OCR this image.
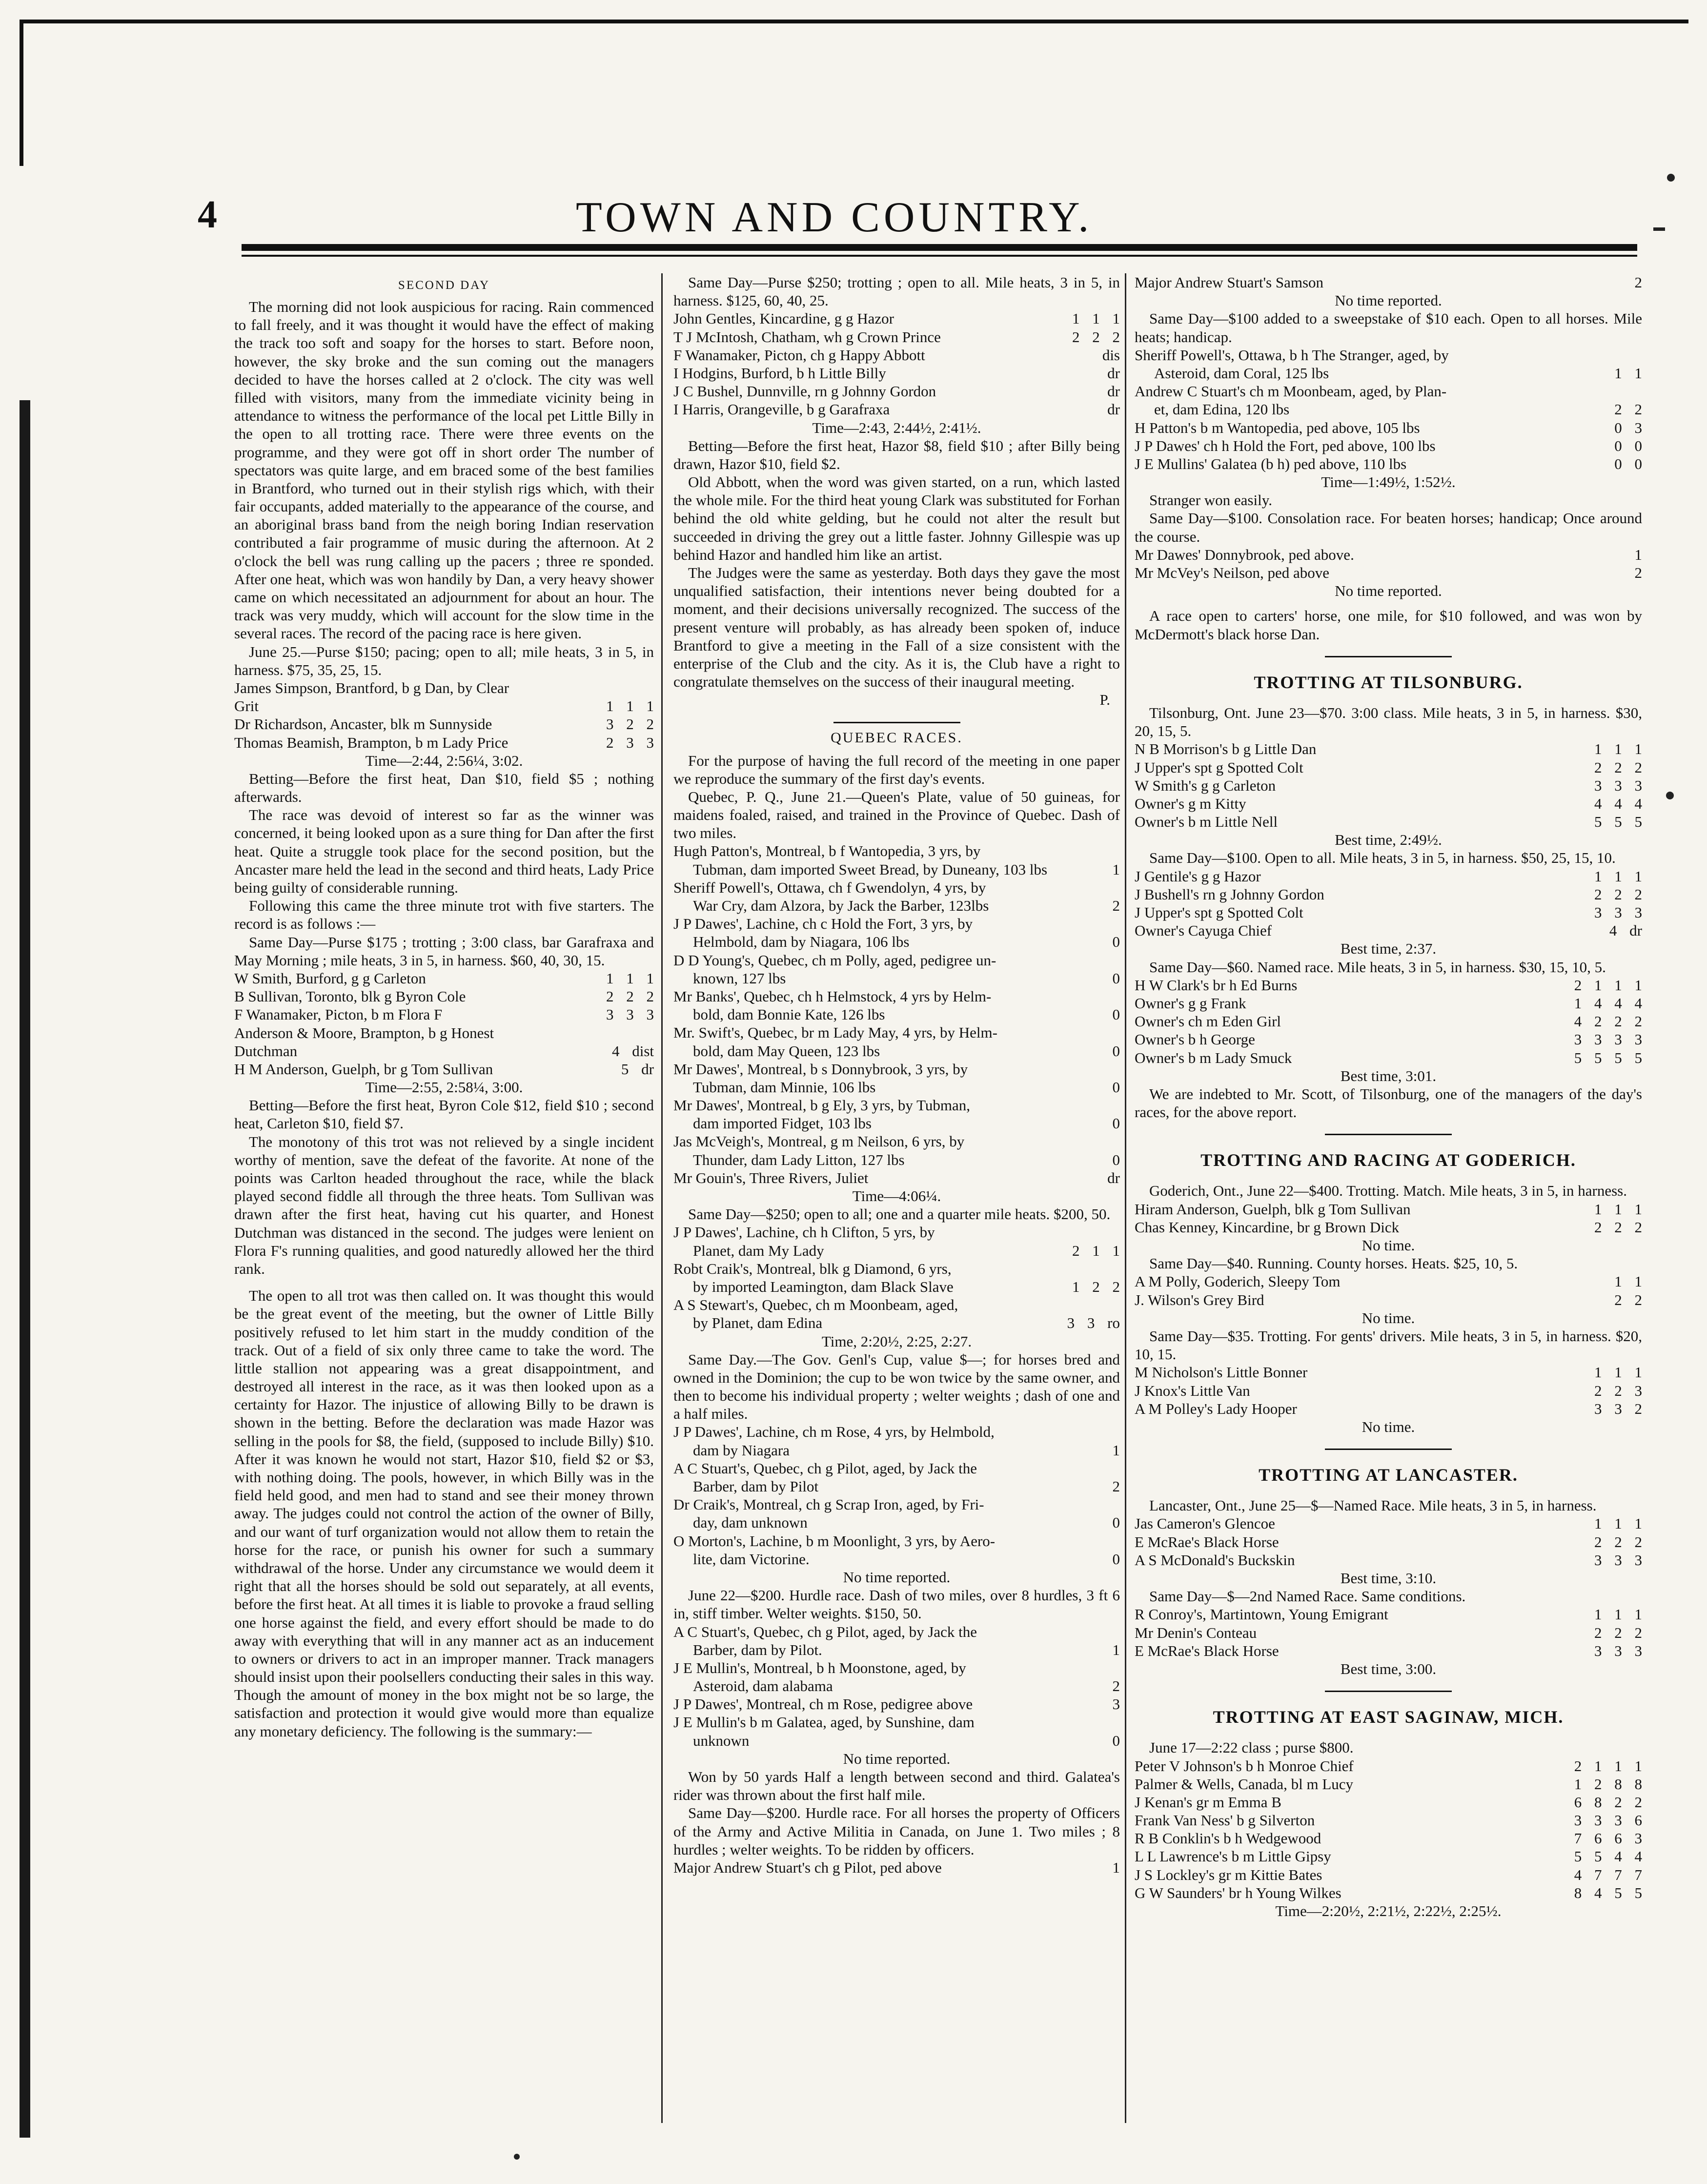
4	TOWN AND COUNTRY.
SECOND DAY

The morning did not look auspicious for racing. Rain commenced to fall freely, and it was thought it would have the effect of making the track too soft and soapy for the horses to start. Before noon, however, the sky broke and the sun coming out the managers decided to have the horses called at 2 o'clock. The city was well filled with visitors, many from the immediate vicinity being in attendance to witness the performance of the local pet Little Billy in the open to all trotting race. There were three events on the programme, and they were got off in short order The number of spectators was quite large, and em braced some of the best families in Brantford, who turned out in their stylish rigs which, with their fair occupants, added materially to the appearance of the course, and an aboriginal brass band from the neigh boring Indian reservation contributed a fair programme of music during the afternoon. At 2 o'clock the bell was rung calling up the pacers ; three re sponded. After one heat, which was won handily by Dan, a very heavy shower came on which necessitated an adjournment for about an hour. The track was very muddy, which will account for the slow time in the several races. The record of the pacing race is here given.

June 25.—Purse $150; pacing; open to all; mile heats, 3 in 5, in harness. $75, 35, 25, 15.

James Simpson, Brantford, b g Dan, by Clear
Grit	1 1 1
Dr Richardson, Ancaster, blk m Sunnyside	3 2 2
Thomas Beamish, Brampton, b m Lady Price	2 3 3
Time—2:44, 2:56¼, 3:02.

Betting—Before the first heat, Dan $10, field $5 ; nothing afterwards.

The race was devoid of interest so far as the winner was concerned, it being looked upon as a sure thing for Dan after the first heat. Quite a struggle took place for the second position, but the Ancaster mare held the lead in the second and third heats, Lady Price being guilty of considerable running.

Following this came the three minute trot with five starters. The record is as follows :—

Same Day—Purse $175 ; trotting ; 3:00 class, bar Garafraxa and May Morning ; mile heats, 3 in 5, in harness. $60, 40, 30, 15.

W Smith, Burford, g g Carleton	1 1 1
B Sullivan, Toronto, blk g Byron Cole	2 2 2
F Wanamaker, Picton, b m Flora F	3 3 3
Anderson & Moore, Brampton, b g Honest
Dutchman	4 dist
H M Anderson, Guelph, br g Tom Sullivan	5 dr
Time—2:55, 2:58¼, 3:00.

Betting—Before the first heat, Byron Cole $12, field $10 ; second heat, Carleton $10, field $7.

The monotony of this trot was not relieved by a single incident worthy of mention, save the defeat of the favorite. At none of the points was Carlton headed throughout the race, while the black played second fiddle all through the three heats. Tom Sullivan was drawn after the first heat, having cut his quarter, and Honest Dutchman was distanced in the second. The judges were lenient on Flora F's running qualities, and good naturedly allowed her the third rank.

The open to all trot was then called on. It was thought this would be the great event of the meeting, but the owner of Little Billy positively refused to let him start in the muddy condition of the track. Out of a field of six only three came to take the word. The little stallion not appearing was a great disappointment, and destroyed all interest in the race, as it was then looked upon as a certainty for Hazor. The injustice of allowing Billy to be drawn is shown in the betting. Before the declaration was made Hazor was selling in the pools for $8, the field, (supposed to include Billy) $10. After it was known he would not start, Hazor $10, field $2 or $3, with nothing doing. The pools, however, in which Billy was in the field held good, and men had to stand and see their money thrown away. The judges could not control the action of the owner of Billy, and our want of turf organization would not allow them to retain the horse for the race, or punish his owner for such a summary withdrawal of the horse. Under any circumstance we would deem it right that all the horses should be sold out separately, at all events, before the first heat. At all times it is liable to provoke a fraud selling one horse against the field, and every effort should be made to do away with everything that will in any manner act as an inducement to owners or drivers to act in an improper manner. Track managers should insist upon their poolsellers conducting their sales in this way. Though the amount of money in the box might not be so large, the satisfaction and protection it would give would more than equalize any monetary deficiency. The following is the summary:—

Same Day—Purse $250; trotting ; open to all. Mile heats, 3 in 5, in harness. $125, 60, 40, 25.

John Gentles, Kincardine, g g Hazor	1 1 1
T J McIntosh, Chatham, wh g Crown Prince	2 2 2
F Wanamaker, Picton, ch g Happy Abbott	dis
I Hodgins, Burford, b h Little Billy	dr
J C Bushel, Dunnville, rn g Johnny Gordon	dr
I Harris, Orangeville, b g Garafraxa	dr
Time—2:43, 2:44½, 2:41½.

Betting—Before the first heat, Hazor $8, field $10 ; after Billy being drawn, Hazor $10, field $2.

Old Abbott, when the word was given started, on a run, which lasted the whole mile. For the third heat young Clark was substituted for Forhan behind the old white gelding, but he could not alter the result but succeeded in driving the grey out a little faster. Johnny Gillespie was up behind Hazor and handled him like an artist.

The Judges were the same as yesterday. Both days they gave the most unqualified satisfaction, their intentions never being doubted for a moment, and their decisions universally recognized. The success of the present venture will probably, as has already been spoken of, induce Brantford to give a meeting in the Fall of a size consistent with the enterprise of the Club and the city. As it is, the Club have a right to congratulate themselves on the success of their inaugural meeting.

P.
QUEBEC RACES.

For the purpose of having the full record of the meeting in one paper we reproduce the summary of the first day's events.

Quebec, P. Q., June 21.—Queen's Plate, value of 50 guineas, for maidens foaled, raised, and trained in the Province of Quebec. Dash of two miles.

Hugh Patton's, Montreal, b f Wantopedia, 3 yrs, by
Tubman, dam imported Sweet Bread, by Duneany, 103 lbs	1
Sheriff Powell's, Ottawa, ch f Gwendolyn, 4 yrs, by
War Cry, dam Alzora, by Jack the Barber, 123lbs	2
J P Dawes', Lachine, ch c Hold the Fort, 3 yrs, by
Helmbold, dam by Niagara, 106 lbs	0
D D Young's, Quebec, ch m Polly, aged, pedigree un-
known, 127 lbs	0
Mr Banks', Quebec, ch h Helmstock, 4 yrs by Helm-
bold, dam Bonnie Kate, 126 lbs	0
Mr. Swift's, Quebec, br m Lady May, 4 yrs, by Helm-
bold, dam May Queen, 123 lbs	0
Mr Dawes', Montreal, b s Donnybrook, 3 yrs, by
Tubman, dam Minnie, 106 lbs	0
Mr Dawes', Montreal, b g Ely, 3 yrs, by Tubman,
dam imported Fidget, 103 lbs	0
Jas McVeigh's, Montreal, g m Neilson, 6 yrs, by
Thunder, dam Lady Litton, 127 lbs	0
Mr Gouin's, Three Rivers, Juliet	dr
Time—4:06¼.

Same Day—$250; open to all; one and a quarter mile heats. $200, 50.

J P Dawes', Lachine, ch h Clifton, 5 yrs, by
Planet, dam My Lady	2 1 1
Robt Craik's, Montreal, blk g Diamond, 6 yrs,
by imported Leamington, dam Black Slave	1 2 2
A S Stewart's, Quebec, ch m Moonbeam, aged,
by Planet, dam Edina	3 3 ro
Time, 2:20½, 2:25, 2:27.

Same Day.—The Gov. Genl's Cup, value $—; for horses bred and owned in the Dominion; the cup to be won twice by the same owner, and then to become his individual property ; welter weights ; dash of one and a half miles.

J P Dawes', Lachine, ch m Rose, 4 yrs, by Helmbold,
dam by Niagara	1
A C Stuart's, Quebec, ch g Pilot, aged, by Jack the
Barber, dam by Pilot	2
Dr Craik's, Montreal, ch g Scrap Iron, aged, by Fri-
day, dam unknown	0
O Morton's, Lachine, b m Moonlight, 3 yrs, by Aero-
lite, dam Victorine.	0
No time reported.

June 22—$200. Hurdle race. Dash of two miles, over 8 hurdles, 3 ft 6 in, stiff timber. Welter weights. $150, 50.

A C Stuart's, Quebec, ch g Pilot, aged, by Jack the
Barber, dam by Pilot.	1
J E Mullin's, Montreal, b h Moonstone, aged, by
Asteroid, dam alabama	2
J P Dawes', Montreal, ch m Rose, pedigree above	3
J E Mullin's b m Galatea, aged, by Sunshine, dam
unknown	0
No time reported.

Won by 50 yards Half a length between second and third. Galatea's rider was thrown about the first half mile.

Same Day—$200. Hurdle race. For all horses the property of Officers of the Army and Active Militia in Canada, on June 1. Two miles ; 8 hurdles ; welter weights. To be ridden by officers.

Major Andrew Stuart's ch g Pilot, ped above	1
Major Andrew Stuart's Samson	2
No time reported.

Same Day—$100 added to a sweepstake of $10 each. Open to all horses. Mile heats; handicap.

Sheriff Powell's, Ottawa, b h The Stranger, aged, by
Asteroid, dam Coral, 125 lbs	1 1
Andrew C Stuart's ch m Moonbeam, aged, by Plan-
et, dam Edina, 120 lbs	2 2
H Patton's b m Wantopedia, ped above, 105 lbs	0 3
J P Dawes' ch h Hold the Fort, ped above, 100 lbs	0 0
J E Mullins' Galatea (b h) ped above, 110 lbs	0 0
Time—1:49½, 1:52½.

Stranger won easily.

Same Day—$100. Consolation race. For beaten horses; handicap; Once around the course.

Mr Dawes' Donnybrook, ped above.	1
Mr McVey's Neilson, ped above	2
No time reported.

A race open to carters' horse, one mile, for $10 followed, and was won by McDermott's black horse Dan.

TROTTING AT TILSONBURG.

Tilsonburg, Ont. June 23—$70. 3:00 class. Mile heats, 3 in 5, in harness. $30, 20, 15, 5.

N B Morrison's b g Little Dan	1 1 1
J Upper's spt g Spotted Colt	2 2 2
W Smith's g g Carleton	3 3 3
Owner's g m Kitty	4 4 4
Owner's b m Little Nell	5 5 5
Best time, 2:49½.

Same Day—$100. Open to all. Mile heats, 3 in 5, in harness. $50, 25, 15, 10.

J Gentile's g g Hazor	1 1 1
J Bushell's rn g Johnny Gordon	2 2 2
J Upper's spt g Spotted Colt	3 3 3
Owner's Cayuga Chief	4 dr
Best time, 2:37.

Same Day—$60. Named race. Mile heats, 3 in 5, in harness. $30, 15, 10, 5.

H W Clark's br h Ed Burns	2 1 1 1
Owner's g g Frank	1 4 4 4
Owner's ch m Eden Girl	4 2 2 2
Owner's b h George	3 3 3 3
Owner's b m Lady Smuck	5 5 5 5
Best time, 3:01.

We are indebted to Mr. Scott, of Tilsonburg, one of the managers of the day's races, for the above report.

TROTTING AND RACING AT GODERICH.

Goderich, Ont., June 22—$400. Trotting. Match. Mile heats, 3 in 5, in harness.

Hiram Anderson, Guelph, blk g Tom Sullivan	1 1 1
Chas Kenney, Kincardine, br g Brown Dick	2 2 2
No time.

Same Day—$40. Running. County horses. Heats. $25, 10, 5.

A M Polly, Goderich, Sleepy Tom	1 1
J. Wilson's Grey Bird	2 2
No time.

Same Day—$35. Trotting. For gents' drivers. Mile heats, 3 in 5, in harness. $20, 10, 15.

M Nicholson's Little Bonner	1 1 1
J Knox's Little Van	2 2 3
A M Polley's Lady Hooper	3 3 2
No time.
TROTTING AT LANCASTER.

Lancaster, Ont., June 25—$—Named Race. Mile heats, 3 in 5, in harness.

Jas Cameron's Glencoe	1 1 1
E McRae's Black Horse	2 2 2
A S McDonald's Buckskin	3 3 3
Best time, 3:10.

Same Day—$—2nd Named Race. Same conditions.

R Conroy's, Martintown, Young Emigrant	1 1 1
Mr Denin's Conteau	2 2 2
E McRae's Black Horse	3 3 3
Best time, 3:00.
TROTTING AT EAST SAGINAW, MICH.

June 17—2:22 class ; purse $800.

Peter V Johnson's b h Monroe Chief	2 1 1 1
Palmer & Wells, Canada, bl m Lucy	1 2 8 8
J Kenan's gr m Emma B	6 8 2 2
Frank Van Ness' b g Silverton	3 3 3 6
R B Conklin's b h Wedgewood	7 6 6 3
L L Lawrence's b m Little Gipsy	5 5 4 4
J S Lockley's gr m Kittie Bates	4 7 7 7
G W Saunders' br h Young Wilkes	8 4 5 5
Time—2:20½, 2:21½, 2:22½, 2:25½.
